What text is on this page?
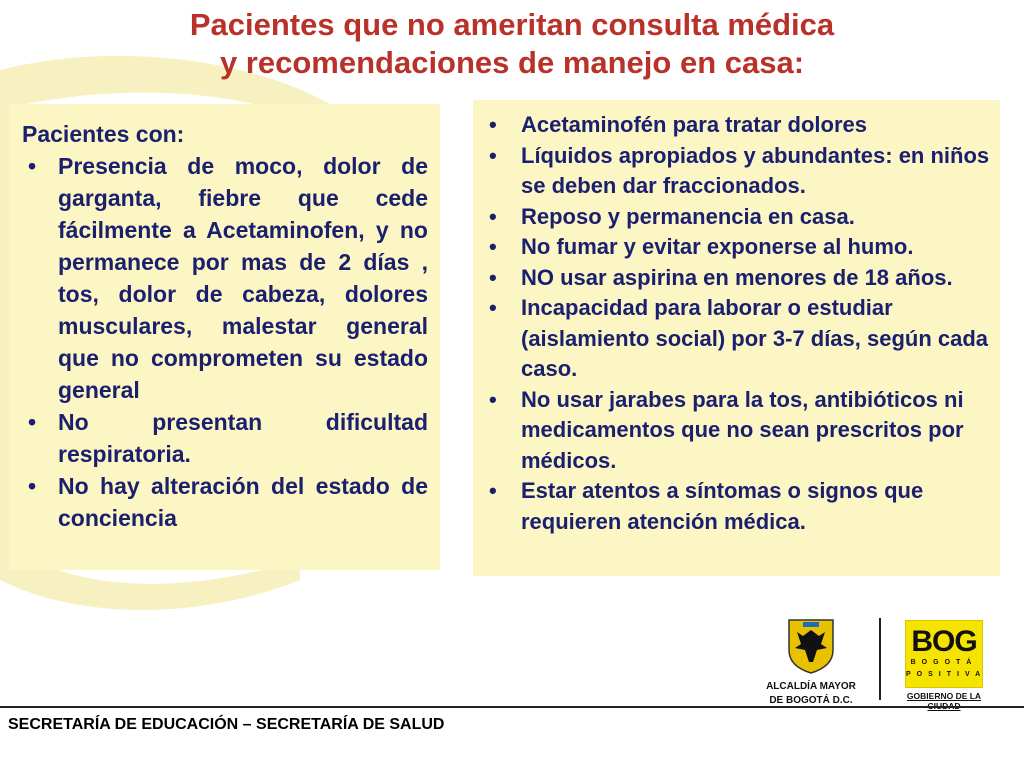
Pacientes que no ameritan consulta médica
y recomendaciones de manejo en casa:
Pacientes con:
• Presencia de moco, dolor de garganta, fiebre que cede fácilmente a Acetaminofen, y no permanece por mas de 2 días , tos, dolor de cabeza, dolores musculares, malestar general que no comprometen su estado general
• No presentan dificultad respiratoria.
• No hay alteración del estado de conciencia
• Acetaminofén para tratar dolores
• Líquidos apropiados y abundantes: en niños se deben dar fraccionados.
• Reposo y permanencia en casa.
• No fumar y evitar exponerse al humo.
• NO usar aspirina en menores de 18 años.
• Incapacidad para laborar o estudiar (aislamiento social) por 3-7 días, según cada caso.
• No usar jarabes para la tos, antibióticos ni medicamentos que no sean prescritos por médicos.
• Estar atentos a síntomas o signos que requieren atención médica.
ALCALDÍA MAYOR
DE BOGOTÁ D.C.
BOG
BOGOTÁ
POSITIVA
GOBIERNO DE LA
SECRETARÍA DE EDUCACIÓN – SECRETARÍA DE SALUD
